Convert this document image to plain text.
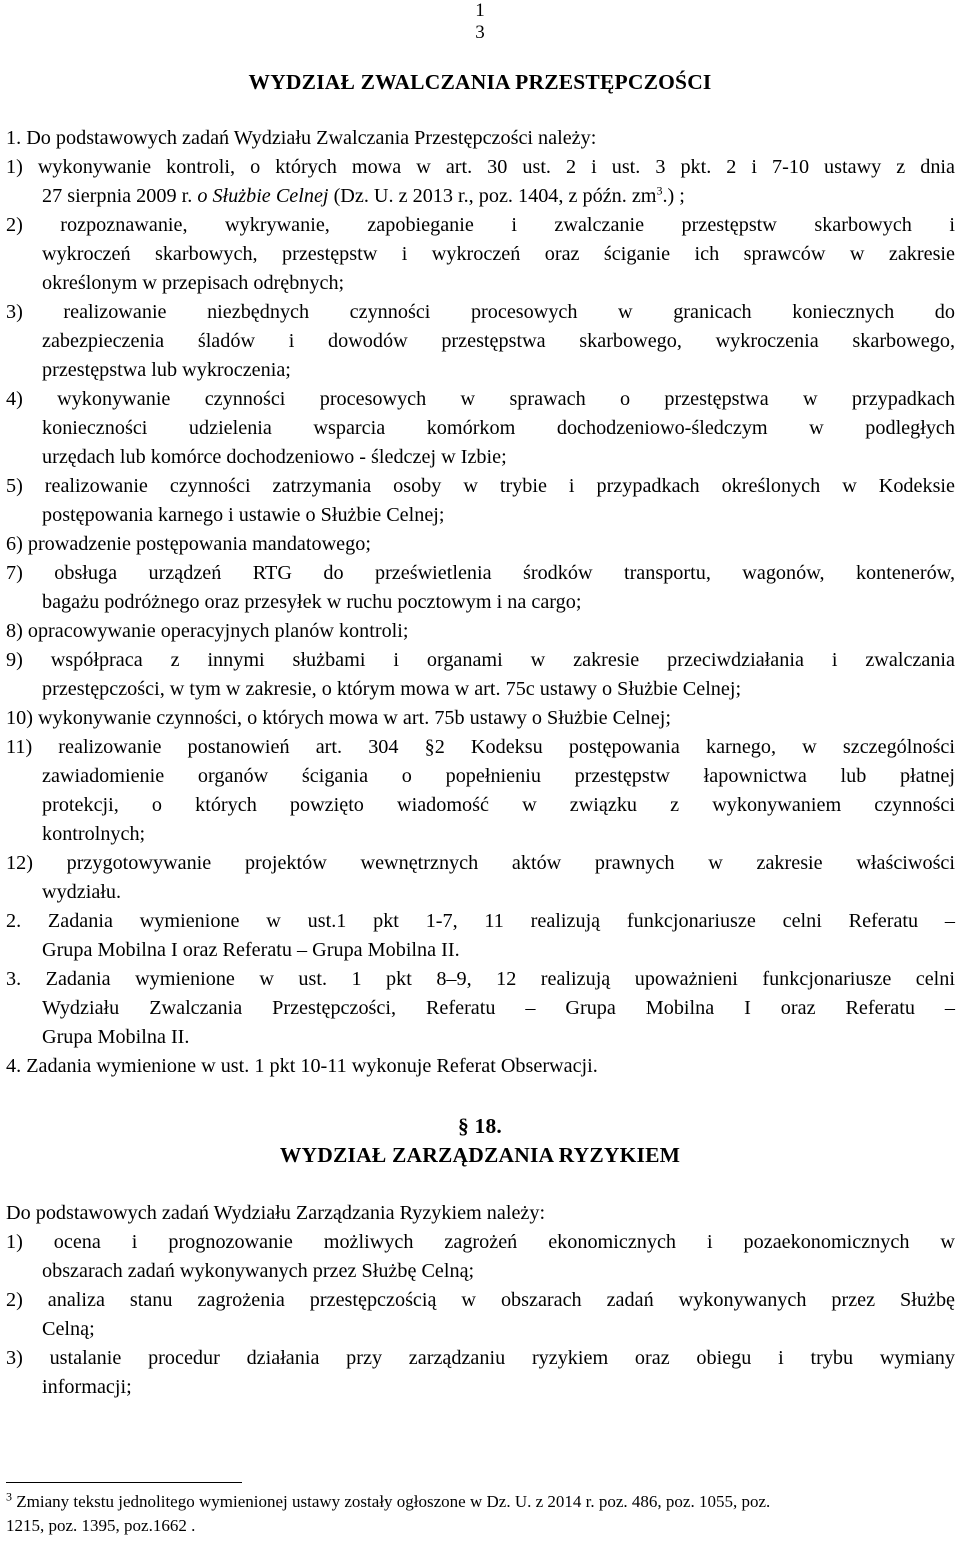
1
3
WYDZIAŁ ZWALCZANIA PRZESTĘPCZOŚCI
1. Do podstawowych zadań Wydziału Zwalczania Przestępczości należy:
1) wykonywanie kontroli, o których mowa w art. 30 ust. 2 i ust. 3 pkt. 2 i 7-10 ustawy z dnia
27 sierpnia 2009 r. o Służbie Celnej (Dz. U. z 2013 r., poz. 1404, z późn. $zm^3$.) ;
2) rozpoznawanie, wykrywanie, zapobieganie i zwalczanie przestępstw skarbowych i
wykroczeń skarbowych, przestępstw i wykroczeń oraz ściganie ich sprawców w zakresie
określonym w przepisach odrębnych;
3) realizowanie niezbędnych czynności procesowych w granicach koniecznych do
zabezpieczenia śladów i dowodów przestępstwa skarbowego, wykroczenia skarbowego,
przestępstwa lub wykroczenia;
4) wykonywanie czynności procesowych w sprawach o przestępstwa w przypadkach
konieczności udzielenia wsparcia komórkom dochodzeniowo-śledczym w podległych
urzędach lub komórce dochodzeniowo - śledczej w Izbie;
5) realizowanie czynności zatrzymania osoby w trybie i przypadkach określonych w Kodeksie
postępowania karnego i ustawie o Służbie Celnej;
6) prowadzenie postępowania mandatowego;
7) obsługa urządzeń RTG do prześwietlenia środków transportu, wagonów, kontenerów,
bagażu podróżnego oraz przesyłek w ruchu pocztowym i na cargo;
8) opracowywanie operacyjnych planów kontroli;
9) współpraca z innymi służbami i organami w zakresie przeciwdziałania i zwalczania
przestępczości, w tym w zakresie, o którym mowa w art. 75c ustawy o Służbie Celnej;
10) wykonywanie czynności, o których mowa w art. 75b ustawy o Służbie Celnej;
11) realizowanie postanowień art. 304 §2 Kodeksu postępowania karnego, w szczególności
zawiadomienie organów ścigania o popełnieniu przestępstw łapownictwa lub płatnej
protekcji, o których powzięto wiadomość w związku z wykonywaniem czynności
kontrolnych;
12) przygotowywanie projektów wewnętrznych aktów prawnych w zakresie właściwości
wydziału.
2. Zadania wymienione w ust.1 pkt 1-7, 11 realizują funkcjonariusze celni Referatu –
Grupa Mobilna I oraz Referatu – Grupa Mobilna II.
3. Zadania wymienione w ust. 1 pkt 8–9, 12 realizują upoważnieni funkcjonariusze celni
Wydziału Zwalczania Przestępczości, Referatu – Grupa Mobilna I oraz Referatu –
Grupa Mobilna II.
4. Zadania wymienione w ust. 1 pkt 10-11 wykonuje Referat Obserwacji.
§ 18.
WYDZIAŁ ZARZĄDZANIA RYZYKIEM
Do podstawowych zadań Wydziału Zarządzania Ryzykiem należy:
1) ocena i prognozowanie możliwych zagrożeń ekonomicznych i pozaekonomicznych w
obszarach zadań wykonywanych przez Służbę Celną;
2) analiza stanu zagrożenia przestępczością w obszarach zadań wykonywanych przez Służbę
Celną;
3) ustalanie procedur działania przy zarządzaniu ryzykiem oraz obiegu i trybu wymiany
informacji;
$^3$ Zmiany tekstu jednolitego wymienionej ustawy zostały ogłoszone w Dz. U. z 2014 r. poz. 486, poz. 1055, poz.
1215, poz. 1395, poz.1662 .
